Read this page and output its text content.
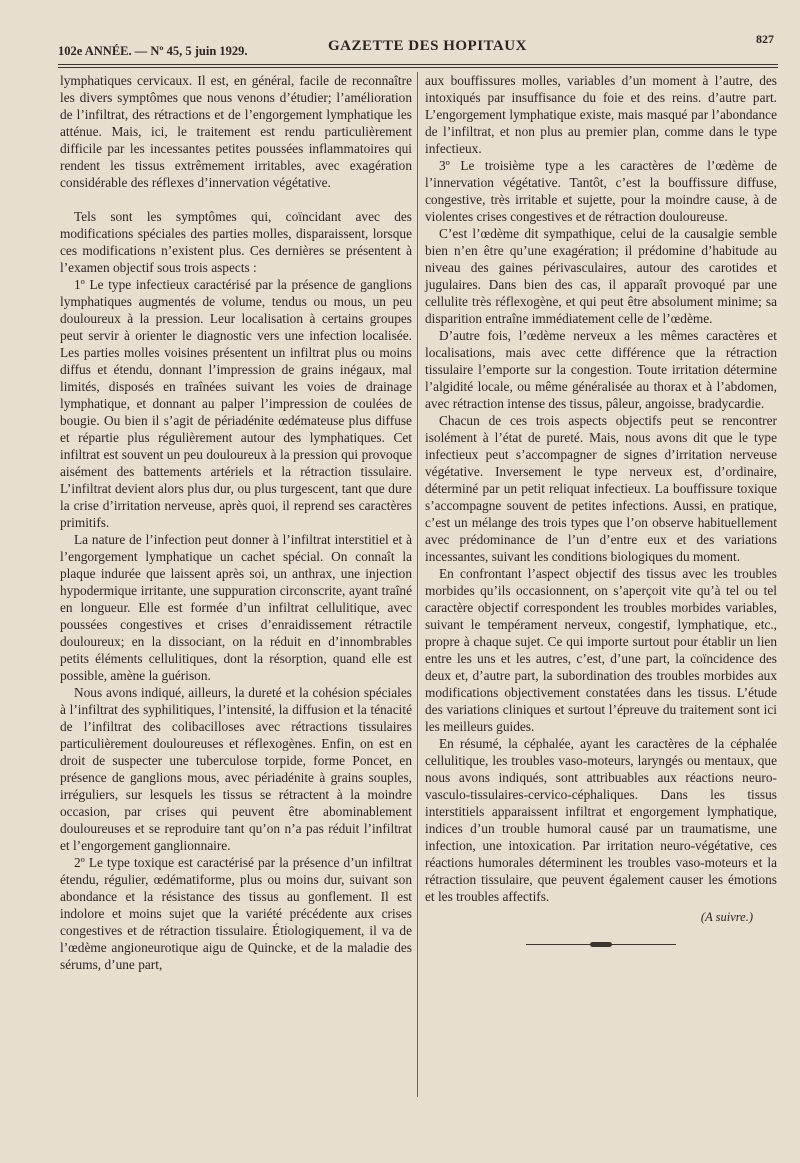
102e ANNÉE. — Nº 45, 5 juin 1929.	GAZETTE DES HOPITAUX	827

lymphatiques cervicaux. Il est, en général, facile de reconnaître les divers symptômes que nous venons d’étudier; l’amélioration de l’infiltrat, des rétractions et de l’engorgement lymphatique les atténue. Mais, ici, le traitement est rendu particulièrement difficile par les incessantes petites poussées inflammatoires qui rendent les tissus extrêmement irritables, avec exagération considérable des réflexes d’innervation végétative.

Tels sont les symptômes qui, coïncidant avec des modifications spéciales des parties molles, disparaissent, lorsque ces modifications n’existent plus. Ces dernières se présentent à l’examen objectif sous trois aspects :

1º Le type infectieux caractérisé par la présence de ganglions lymphatiques augmentés de volume, tendus ou mous, un peu douloureux à la pression. Leur localisation à certains groupes peut servir à orienter le diagnostic vers une infection localisée. Les parties molles voisines présentent un infiltrat plus ou moins diffus et étendu, donnant l’impression de grains inégaux, mal limités, disposés en traînées suivant les voies de drainage lymphatique, et donnant au palper l’impression de coulées de bougie. Ou bien il s’agit de périadénite œdémateuse plus diffuse et répartie plus régulièrement autour des lymphatiques. Cet infiltrat est souvent un peu douloureux à la pression qui provoque aisément des battements artériels et la rétraction tissulaire. L’infiltrat devient alors plus dur, ou plus turgescent, tant que dure la crise d’irritation nerveuse, après quoi, il reprend ses caractères primitifs.

La nature de l’infection peut donner à l’infiltrat interstitiel et à l’engorgement lymphatique un cachet spécial. On connaît la plaque indurée que laissent après soi, un anthrax, une injection hypodermique irritante, une suppuration circonscrite, ayant traîné en longueur. Elle est formée d’un infiltrat cellulitique, avec poussées congestives et crises d’enraidissement rétractile douloureux; en la dissociant, on la réduit en d’innombrables petits éléments cellulitiques, dont la résorption, quand elle est possible, amène la guérison.

Nous avons indiqué, ailleurs, la dureté et la cohésion spéciales à l’infiltrat des syphilitiques, l’intensité, la diffusion et la ténacité de l’infiltrat des colibacilloses avec rétractions tissulaires particulièrement douloureuses et réflexogènes. Enfin, on est en droit de suspecter une tuberculose torpide, forme Poncet, en présence de ganglions mous, avec périadénite à grains souples, irréguliers, sur lesquels les tissus se rétractent à la moindre occasion, par crises qui peuvent être abominablement douloureuses et se reproduire tant qu’on n’a pas réduit l’infiltrat et l’engorgement ganglionnaire.

2º Le type toxique est caractérisé par la présence d’un infiltrat étendu, régulier, œdématiforme, plus ou moins dur, suivant son abondance et la résistance des tissus au gonflement. Il est indolore et moins sujet que la variété précédente aux crises congestives et de rétraction tissulaire. Étiologiquement, il va de l’œdème angioneurotique aigu de Quincke, et de la maladie des sérums, d’une part,

aux bouffissures molles, variables d’un moment à l’autre, des intoxiqués par insuffisance du foie et des reins. d’autre part. L’engorgement lymphatique existe, mais masqué par l’abondance de l’infiltrat, et non plus au premier plan, comme dans le type infectieux.

3º Le troisième type a les caractères de l’œdème de l’innervation végétative. Tantôt, c’est la bouffissure diffuse, congestive, très irritable et sujette, pour la moindre cause, à de violentes crises congestives et de rétraction douloureuse.

C’est l’œdème dit sympathique, celui de la causalgie semble bien n’en être qu’une exagération; il prédomine d’habitude au niveau des gaines périvasculaires, autour des carotides et jugulaires. Dans bien des cas, il apparaît provoqué par une cellulite très réflexogène, et qui peut être absolument minime; sa disparition entraîne immédiatement celle de l’œdème.

D’autre fois, l’œdème nerveux a les mêmes caractères et localisations, mais avec cette différence que la rétraction tissulaire l’emporte sur la congestion. Toute irritation détermine l’algidité locale, ou même généralisée au thorax et à l’abdomen, avec rétraction intense des tissus, pâleur, angoisse, bradycardie.

Chacun de ces trois aspects objectifs peut se rencontrer isolément à l’état de pureté. Mais, nous avons dit que le type infectieux peut s’accompagner de signes d’irritation nerveuse végétative. Inversement le type nerveux est, d’ordinaire, déterminé par un petit reliquat infectieux. La bouffissure toxique s’accompagne souvent de petites infections. Aussi, en pratique, c’est un mélange des trois types que l’on observe habituellement avec prédominance de l’un d’entre eux et des variations incessantes, suivant les conditions biologiques du moment.

En confrontant l’aspect objectif des tissus avec les troubles morbides qu’ils occasionnent, on s’aperçoit vite qu’à tel ou tel caractère objectif correspondent les troubles morbides variables, suivant le tempérament nerveux, congestif, lymphatique, etc., propre à chaque sujet. Ce qui importe surtout pour établir un lien entre les uns et les autres, c’est, d’une part, la coïncidence des deux et, d’autre part, la subordination des troubles morbides aux modifications objectivement constatées dans les tissus. L’étude des variations cliniques et surtout l’épreuve du traitement sont ici les meilleurs guides.

En résumé, la céphalée, ayant les caractères de la céphalée cellulitique, les troubles vaso-moteurs, laryngés ou mentaux, que nous avons indiqués, sont attribuables aux réactions neuro-vasculo-tissulaires-cervico-céphaliques. Dans les tissus interstitiels apparaissent infiltrat et engorgement lymphatique, indices d’un trouble humoral causé par un traumatisme, une infection, une intoxication. Par irritation neuro-végétative, ces réactions humorales déterminent les troubles vaso-moteurs et la rétraction tissulaire, que peuvent également causer les émotions et les troubles affectifs.

(A suivre.)
